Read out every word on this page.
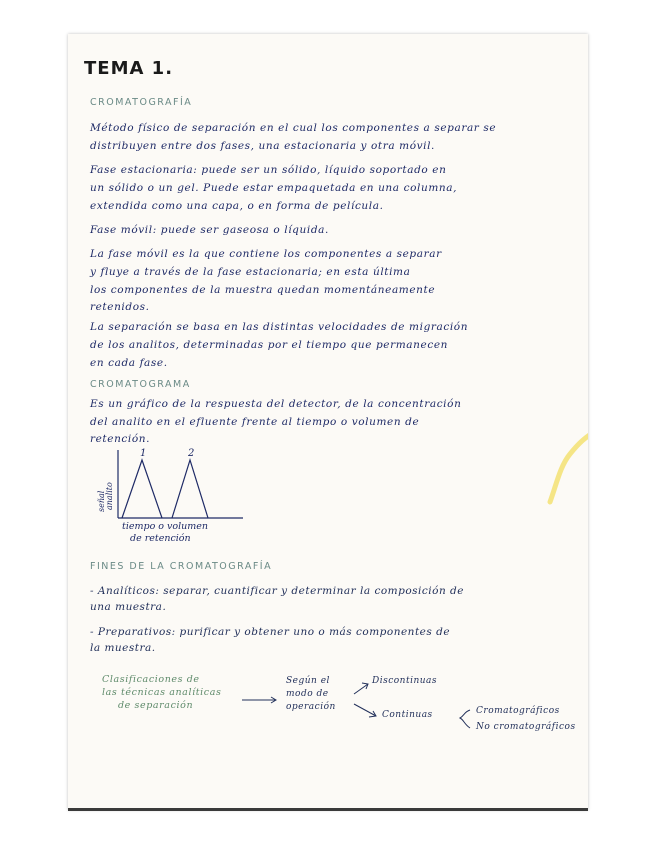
TEMA 1.
CROMATOGRAFÍA
Método físico de separación en el cual los componentes a separar se
distribuyen entre dos fases, una estacionaria y otra móvil.
Fase estacionaria: puede ser un sólido, líquido soportado en
un sólido o un gel. Puede estar empaquetada en una columna,
extendida como una capa, o en forma de película.
Fase móvil: puede ser gaseosa o líquida.
La fase móvil es la que contiene los componentes a separar
y fluye a través de la fase estacionaria; en esta última
los componentes de la muestra quedan momentáneamente
retenidos.
La separación se basa en las distintas velocidades de migración
de los analitos, determinadas por el tiempo que permanecen
en cada fase.
CROMATOGRAMA
Es un gráfico de la respuesta del detector, de la concentración
del analito en el efluente frente al tiempo o volumen de
retención.
1	2
señal analito
tiempo o volumen
de retención
FINES DE LA CROMATOGRAFÍA
- Analíticos: separar, cuantificar y determinar la composición de
una muestra.
- Preparativos: purificar y obtener uno o más componentes de
la muestra.
Clasificaciones de
las técnicas analíticas
de separación
Según el
modo de
operación
Discontinuas
Continuas	Cromatográficos
No cromatográficos
